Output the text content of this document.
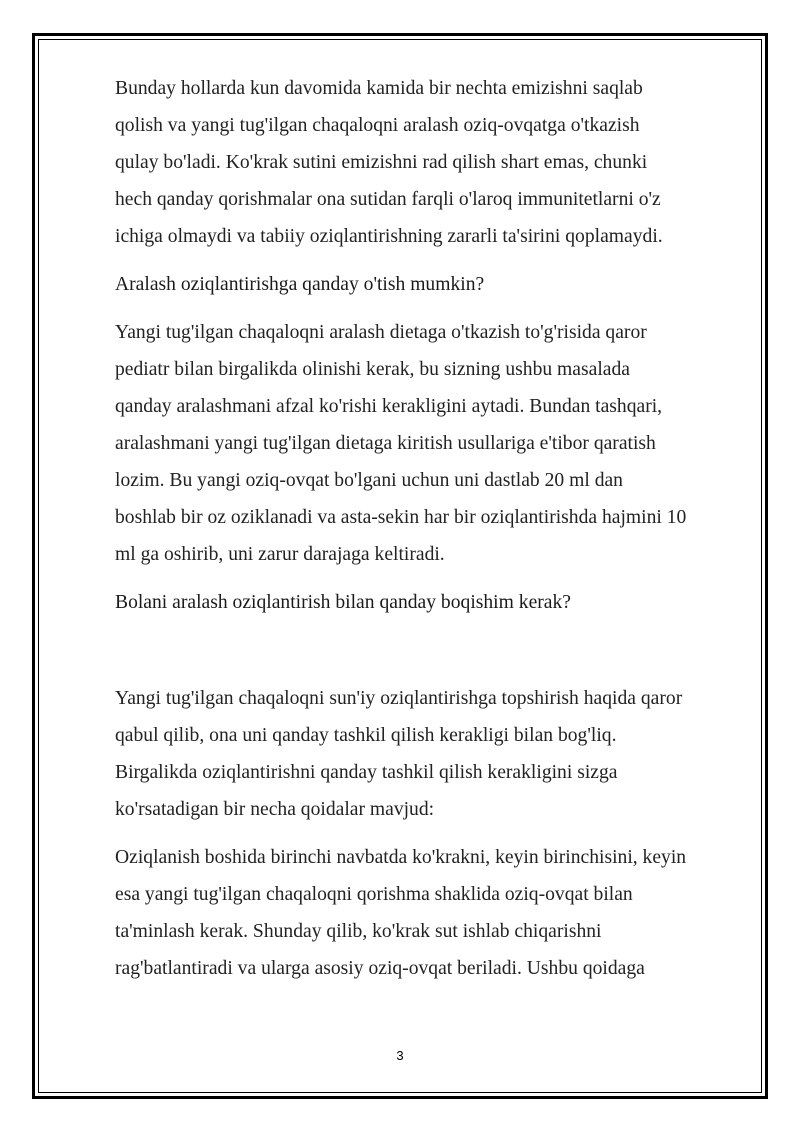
Bunday hollarda kun davomida kamida bir nechta emizishni saqlab
qolish va yangi tug'ilgan chaqaloqni aralash oziq-ovqatga o'tkazish
qulay bo'ladi. Ko'krak sutini emizishni rad qilish shart emas, chunki
hech qanday qorishmalar ona sutidan farqli o'laroq immunitetlarni o'z
ichiga olmaydi va tabiiy oziqlantirishning zararli ta'sirini qoplamaydi.

Aralash oziqlantirishga qanday o'tish mumkin?

Yangi tug'ilgan chaqaloqni aralash dietaga o'tkazish to'g'risida qaror
pediatr bilan birgalikda olinishi kerak, bu sizning ushbu masalada
qanday aralashmani afzal ko'rishi kerakligini aytadi. Bundan tashqari,
aralashmani yangi tug'ilgan dietaga kiritish usullariga e'tibor qaratish
lozim. Bu yangi oziq-ovqat bo'lgani uchun uni dastlab 20 ml dan
boshlab bir oz oziklanadi va asta-sekin har bir oziqlantirishda hajmini 10
ml ga oshirib, uni zarur darajaga keltiradi.

Bolani aralash oziqlantirish bilan qanday boqishim kerak?

Yangi tug'ilgan chaqaloqni sun'iy oziqlantirishga topshirish haqida qaror
qabul qilib, ona uni qanday tashkil qilish kerakligi bilan bog'liq.
Birgalikda oziqlantirishni qanday tashkil qilish kerakligini sizga
ko'rsatadigan bir necha qoidalar mavjud:

Oziqlanish boshida birinchi navbatda ko'krakni, keyin birinchisini, keyin
esa yangi tug'ilgan chaqaloqni qorishma shaklida oziq-ovqat bilan
ta'minlash kerak. Shunday qilib, ko'krak sut ishlab chiqarishni
rag'batlantiradi va ularga asosiy oziq-ovqat beriladi. Ushbu qoidaga

3
